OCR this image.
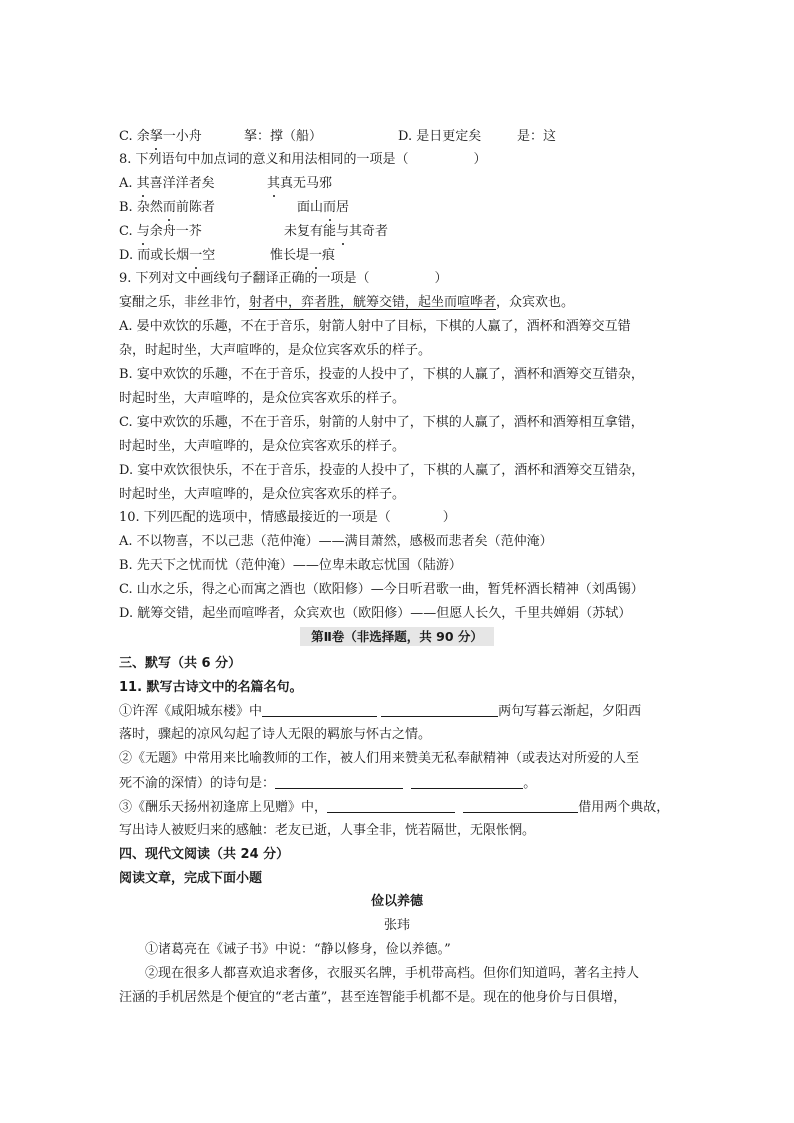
C. 余拏一小舟	拏：撑（船）	D. 是日更定矣	是：这
8. 下列语句中加点词的意义和用法相同的一项是（　　　　　）
A. 其喜洋洋者矣	其真无马邪
B. 杂然而前陈者	面山而居
C. 与余舟一芥	未复有能与其奇者
D. 而或长烟一空	惟长堤一痕
9. 下列对文中画线句子翻译正确的一项是（　　　　　）
宴酣之乐，非丝非竹，射者中，弈者胜，觥筹交错，起坐而喧哗者，众宾欢也。
A. 晏中欢饮的乐趣，不在于音乐，射箭人射中了目标，下棋的人赢了，酒杯和酒筹交互错
杂，时起时坐，大声喧哗的，是众位宾客欢乐的样子。
B. 宴中欢饮的乐趣，不在于音乐，投壶的人投中了，下棋的人赢了，酒杯和酒筹交互错杂，
时起时坐，大声喧哗的，是众位宾客欢乐的样子。
C. 宴中欢饮的乐趣，不在于音乐，射箭的人射中了，下棋的人赢了，酒杯和酒筹相互拿错，
时起时坐，大声喧哗的，是众位宾客欢乐的样子。
D. 宴中欢饮很快乐，不在于音乐，投壶的人投中了，下棋的人赢了，酒杯和酒筹交互错杂，
时起时坐，大声喧哗的，是众位宾客欢乐的样子。
10. 下列匹配的选项中，情感最接近的一项是（　　　　）
A. 不以物喜，不以己悲（范仲淹）——满目萧然，感极而悲者矣（范仲淹）
B. 先天下之忧而忧（范仲淹）——位卑未敢忘忧国（陆游）
C. 山水之乐，得之心而寓之酒也（欧阳修）—今日听君歌一曲，暂凭杯酒长精神（刘禹锡）
D. 觥筹交错，起坐而喧哗者，众宾欢也（欧阳修）——但愿人长久，千里共婵娟（苏轼）
第Ⅱ卷（非选择题，共 90 分）
三、默写（共 6 分）
11. 默写古诗文中的名篇名句。
①许浑《咸阳城东楼》中	两句写暮云渐起，夕阳西
落时，骤起的凉风勾起了诗人无限的羁旅与怀古之情。
②《无题》中常用来比喻教师的工作，被人们用来赞美无私奉献精神（或表达对所爱的人至
死不渝的深情）的诗句是：	。
③《酬乐天扬州初逢席上见赠》中，	借用两个典故，
写出诗人被贬归来的感触：老友已逝，人事全非，恍若隔世，无限怅惘。
四、现代文阅读（共 24 分）
阅读文章，完成下面小题
俭以养德
张玮
①诸葛亮在《诫子书》中说：“静以修身，俭以养德。”
②现在很多人都喜欢追求奢侈，衣服买名牌，手机带高档。但你们知道吗，著名主持人
汪涵的手机居然是个便宜的“老古董”，甚至连智能手机都不是。现在的他身价与日俱增，
